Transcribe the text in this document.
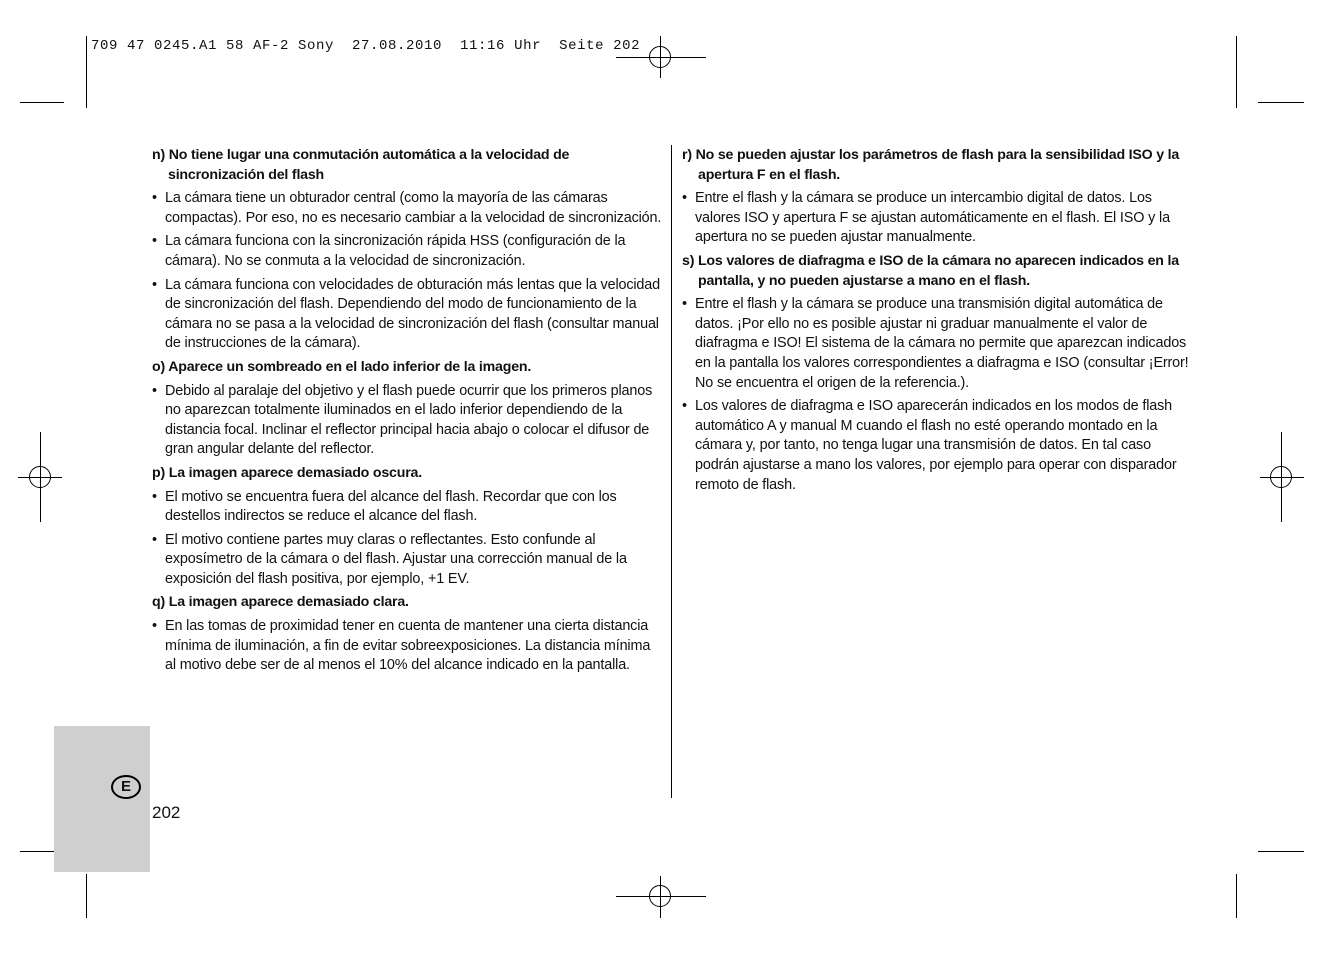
709 47 0245.A1 58 AF-2 Sony  27.08.2010  11:16 Uhr  Seite 202
E
202

n) No tiene lugar una conmutación automática a la velocidad de sincronización del flash

• La cámara tiene un obturador central (como la mayoría de las cámaras compactas). Por eso, no es necesario cambiar a la velocidad de sincronización.
• La cámara funciona con la sincronización rápida HSS (configuración de la cámara). No se conmuta a la velocidad de sincronización.
• La cámara funciona con velocidades de obturación más lentas que la velocidad de sincronización del flash. Dependiendo del modo de funcionamiento de la cámara no se pasa a la velocidad de sincronización del flash (consultar manual de instrucciones de la cámara).

o) Aparece un sombreado en el lado inferior de la imagen.

• Debido al paralaje del objetivo y el flash puede ocurrir que los primeros planos no aparezcan totalmente iluminados en el lado inferior dependiendo de la distancia focal. Inclinar el reflector principal hacia abajo o colocar el difusor de gran angular delante del reflector.

p) La imagen aparece demasiado oscura.

• El motivo se encuentra fuera del alcance del flash. Recordar que con los destellos indirectos se reduce el alcance del flash.
• El motivo contiene partes muy claras o reflectantes. Esto confunde al exposímetro de la cámara o del flash. Ajustar una corrección manual de la exposición del flash positiva, por ejemplo, +1 EV.

q) La imagen aparece demasiado clara.

• En las tomas de proximidad tener en cuenta de mantener una cierta distancia mínima de iluminación, a fin de evitar sobreexposiciones. La distancia mínima al motivo debe ser de al menos el 10% del alcance indicado en la pantalla.

r) No se pueden ajustar los parámetros de flash para la sensibilidad ISO y la apertura F en el flash.

• Entre el flash y la cámara se produce un intercambio digital de datos. Los valores ISO y apertura F se ajustan automáticamente en el flash. El ISO y la apertura no se pueden ajustar manualmente.

s) Los valores de diafragma e ISO de la cámara no aparecen indicados en la pantalla, y no pueden ajustarse a mano en el flash.

• Entre el flash y la cámara se produce una transmisión digital automática de datos. ¡Por ello no es posible ajustar ni graduar manualmente el valor de diafragma e ISO! El sistema de la cámara no permite que aparezcan indicados en la pantalla los valores correspondientes a diafragma e ISO (consultar ¡Error! No se encuentra el origen de la referencia.).
• Los valores de diafragma e ISO aparecerán indicados en los modos de flash automático A y manual M cuando el flash no esté operando montado en la cámara y, por tanto, no tenga lugar una transmisión de datos. En tal caso podrán ajustarse a mano los valores, por ejemplo para operar con disparador remoto de flash.
